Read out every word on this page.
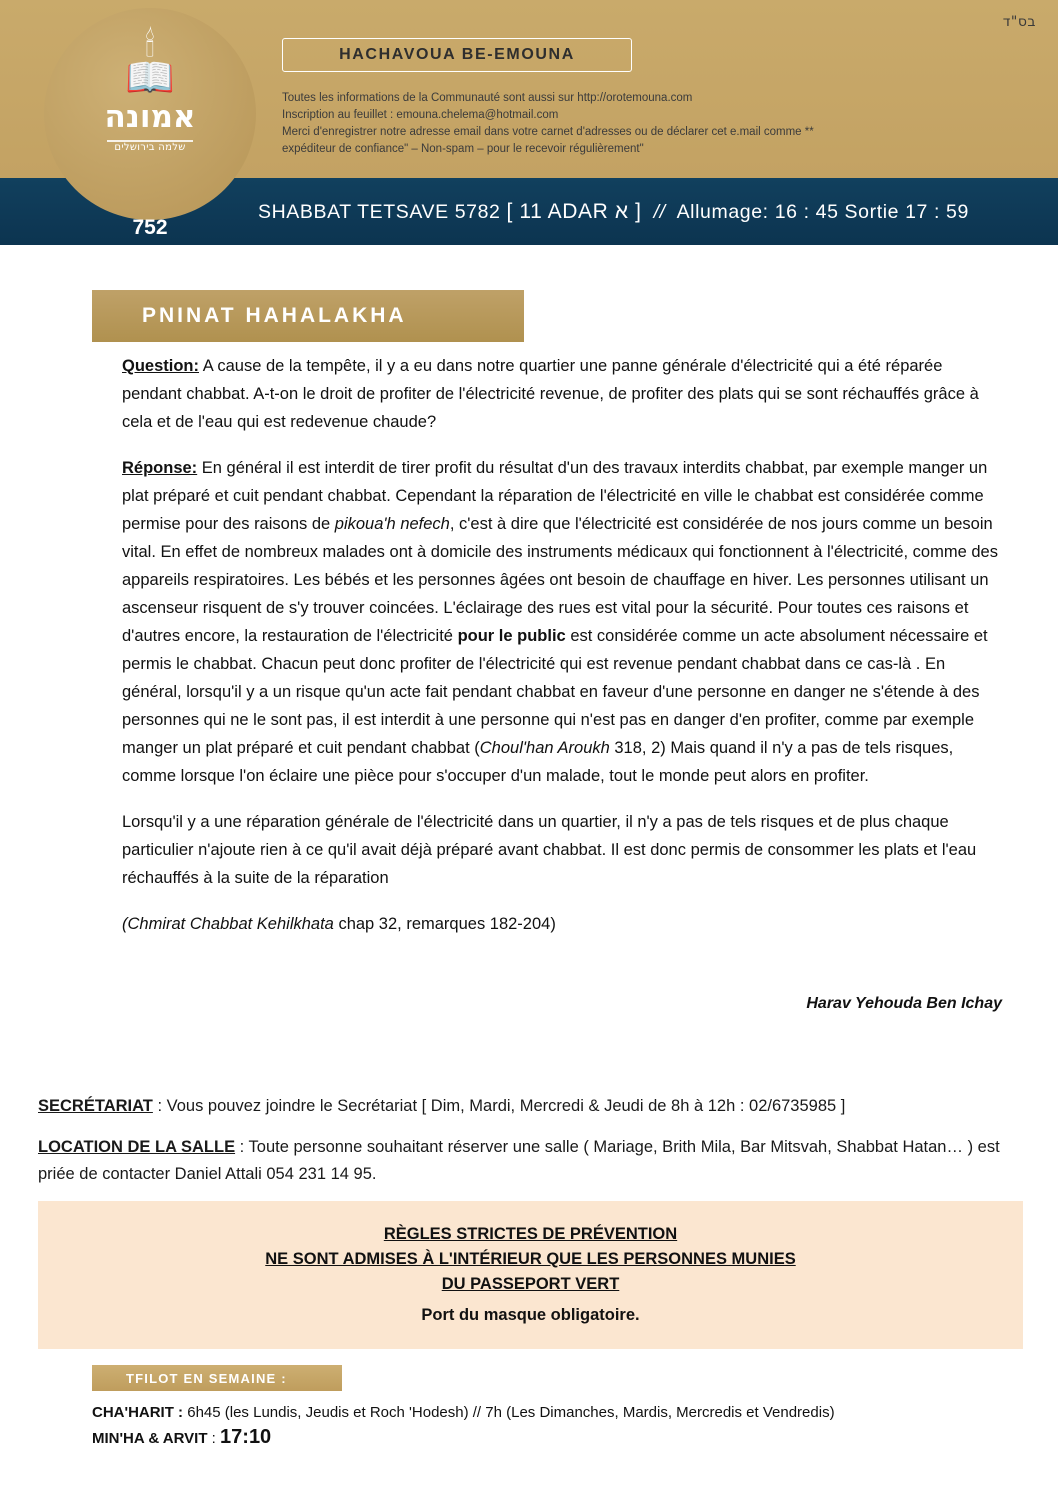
בס"ד
🕯
📖
אמונה
שלמה בירושלים
752
HACHAVOUA BE-EMOUNA
Toutes les informations de la Communauté sont aussi sur http://orotemouna.com
Inscription au feuillet : emouna.chelema@hotmail.com
Merci d'enregistrer notre adresse email dans votre carnet d'adresses ou de déclarer cet e.mail comme **
expéditeur de confiance" – Non-spam – pour le recevoir régulièrement"
SHABBAT TETSAVE 5782 [ 11 ADAR א ] // Allumage: 16 : 45 Sortie 17 : 59
PNINAT HAHALAKHA

Question: A cause de la tempête, il y a eu dans notre quartier une panne générale d'électricité qui a été réparée pendant chabbat. A-t-on le droit de profiter de l'électricité revenue, de profiter des plats qui se sont réchauffés grâce à cela et de l'eau qui est redevenue chaude?

Réponse: En général il est interdit de tirer profit du résultat d'un des travaux interdits chabbat, par exemple manger un plat préparé et cuit pendant chabbat. Cependant la réparation de l'électricité en ville le chabbat est considérée comme permise pour des raisons de pikoua'h nefech, c'est à dire que l'électricité est considérée de nos jours comme un besoin vital. En effet de nombreux malades ont à domicile des instruments médicaux qui fonctionnent à l'électricité, comme des appareils respiratoires. Les bébés et les personnes âgées ont besoin de chauffage en hiver. Les personnes utilisant un ascenseur risquent de s'y trouver coincées. L'éclairage des rues est vital pour la sécurité. Pour toutes ces raisons et d'autres encore, la restauration de l'électricité pour le public est considérée comme un acte absolument nécessaire et permis le chabbat. Chacun peut donc profiter de l'électricité qui est revenue pendant chabbat dans ce cas-là . En général, lorsqu'il y a un risque qu'un acte fait pendant chabbat en faveur d'une personne en danger ne s'étende à des personnes qui ne le sont pas, il est interdit à une personne qui n'est pas en danger d'en profiter, comme par exemple manger un plat préparé et cuit pendant chabbat (Choul'han Aroukh 318, 2) Mais quand il n'y a pas de tels risques, comme lorsque l'on éclaire une pièce pour s'occuper d'un malade, tout le monde peut alors en profiter.

Lorsqu'il y a une réparation générale de l'électricité dans un quartier, il n'y a pas de tels risques et de plus chaque particulier n'ajoute rien à ce qu'il avait déjà préparé avant chabbat. Il est donc permis de consommer les plats et l'eau réchauffés à la suite de la réparation

(Chmirat Chabbat Kehilkhata chap 32, remarques 182-204)

Harav Yehouda Ben Ichay
SECRÉTARIAT : Vous pouvez joindre le Secrétariat [ Dim, Mardi, Mercredi & Jeudi de 8h à 12h : 02/6735985 ]
LOCATION DE LA SALLE : Toute personne souhaitant réserver une salle ( Mariage, Brith Mila, Bar Mitsvah, Shabbat Hatan… ) est priée de contacter Daniel Attali 054 231 14 95.
RÈGLES STRICTES DE PRÉVENTION
NE SONT ADMISES À L'INTÉRIEUR QUE LES PERSONNES MUNIES
DU PASSEPORT VERT
Port du masque obligatoire.
TFILOT EN SEMAINE :
CHA'HARIT : 6h45 (les Lundis, Jeudis et Roch 'Hodesh) // 7h (Les Dimanches, Mardis, Mercredis et Vendredis)
MIN'HA & ARVIT : 17:10
